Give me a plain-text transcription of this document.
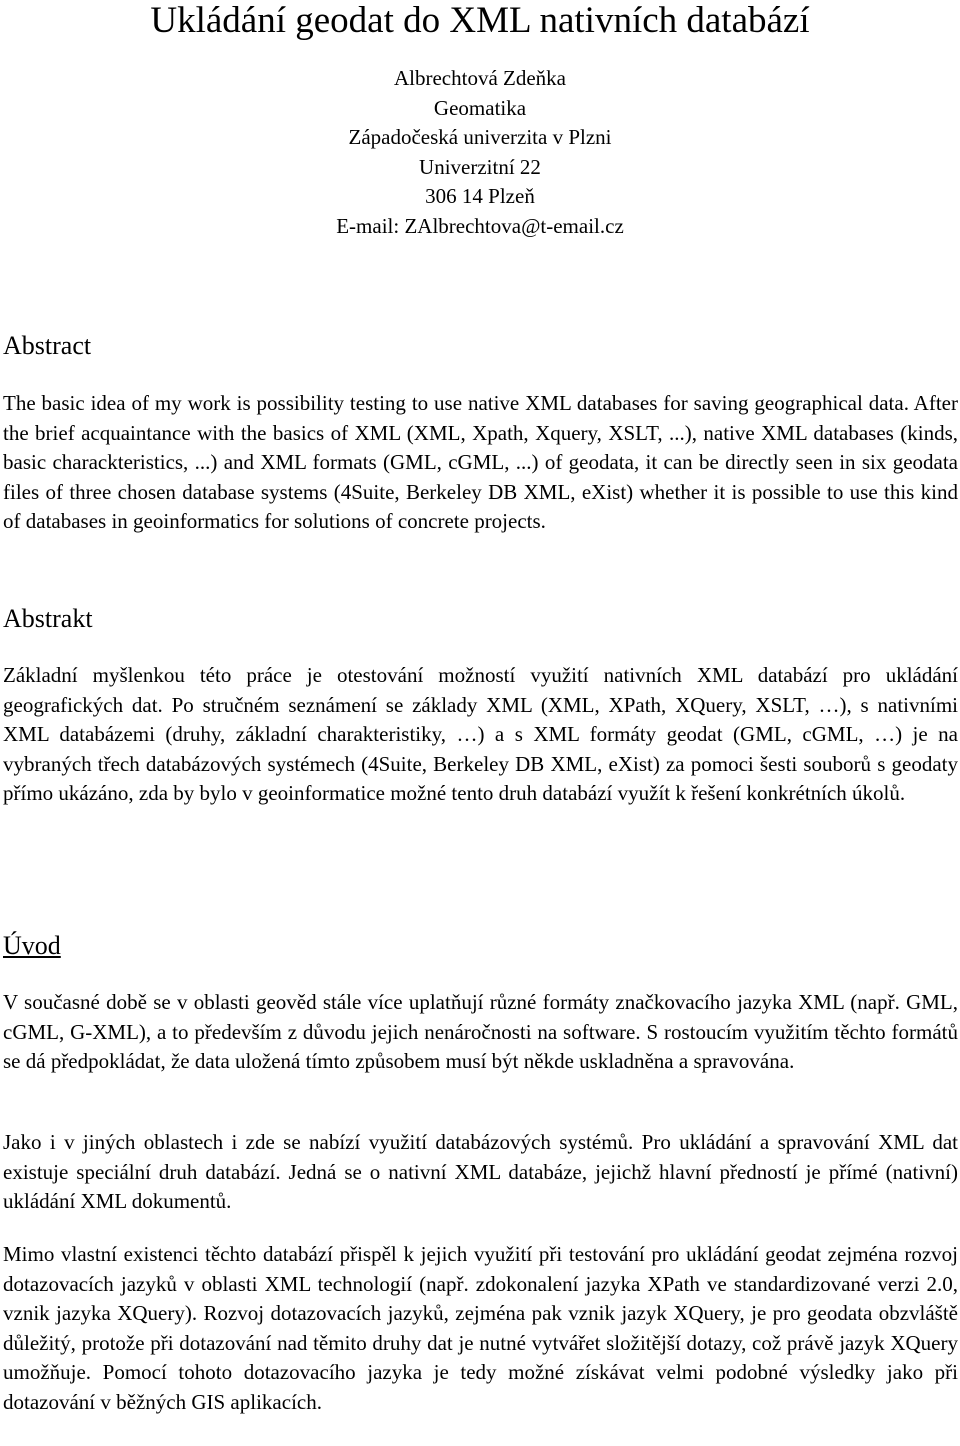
Ukládání geodat do XML nativních databází
Albrechtová Zdeňka
Geomatika
Západočeská univerzita v Plzni
Univerzitní 22
306 14 Plzeň
E-mail: ZAlbrechtova@t-email.cz
Abstract

The basic idea of my work is possibility testing to use native XML databases for saving geographical data. After the brief acquaintance with the basics of XML (XML, Xpath, Xquery, XSLT, ...), native XML databases (kinds, basic charackteristics, ...) and XML formats (GML, cGML, ...) of geodata, it can be directly seen in six geodata files of three chosen database systems (4Suite, Berkeley DB XML, eXist) whether it is possible to use this kind of databases in geoinformatics for solutions of concrete projects.

Abstrakt

Základní myšlenkou této práce je otestování možností využití nativních XML databází pro ukládání geografických dat. Po stručném seznámení se základy XML (XML, XPath, XQuery, XSLT, …), s nativními XML databázemi (druhy, základní charakteristiky, …) a s XML formáty geodat (GML, cGML, …) je na vybraných třech databázových systémech (4Suite, Berkeley DB XML, eXist) za pomoci šesti souborů s geodaty přímo ukázáno, zda by bylo v geoinformatice možné tento druh databází využít k řešení konkrétních úkolů.

Úvod

V současné době se v oblasti geověd stále více uplatňují různé formáty značkovacího jazyka XML (např. GML, cGML, G-XML), a to především z důvodu jejich nenáročnosti na software. S rostoucím využitím těchto formátů se dá předpokládat, že data uložená tímto způsobem musí být někde uskladněna a spravována.

Jako i v jiných oblastech i zde se nabízí využití databázových systémů. Pro ukládání a spravování XML dat existuje speciální druh databází. Jedná se o nativní XML databáze, jejichž hlavní předností je přímé (nativní) ukládání XML dokumentů.

Mimo vlastní existenci těchto databází přispěl k jejich využití při testování pro ukládání geodat zejména rozvoj dotazovacích jazyků v oblasti XML technologií (např. zdokonalení jazyka XPath ve standardizované verzi 2.0, vznik jazyka XQuery). Rozvoj dotazovacích jazyků, zejména pak vznik jazyk XQuery, je pro geodata obzvláště důležitý, protože při dotazování nad těmito druhy dat je nutné vytvářet složitější dotazy, což právě jazyk XQuery umožňuje. Pomocí tohoto dotazovacího jazyka je tedy možné získávat velmi podobné výsledky jako při dotazování v běžných GIS aplikacích.
